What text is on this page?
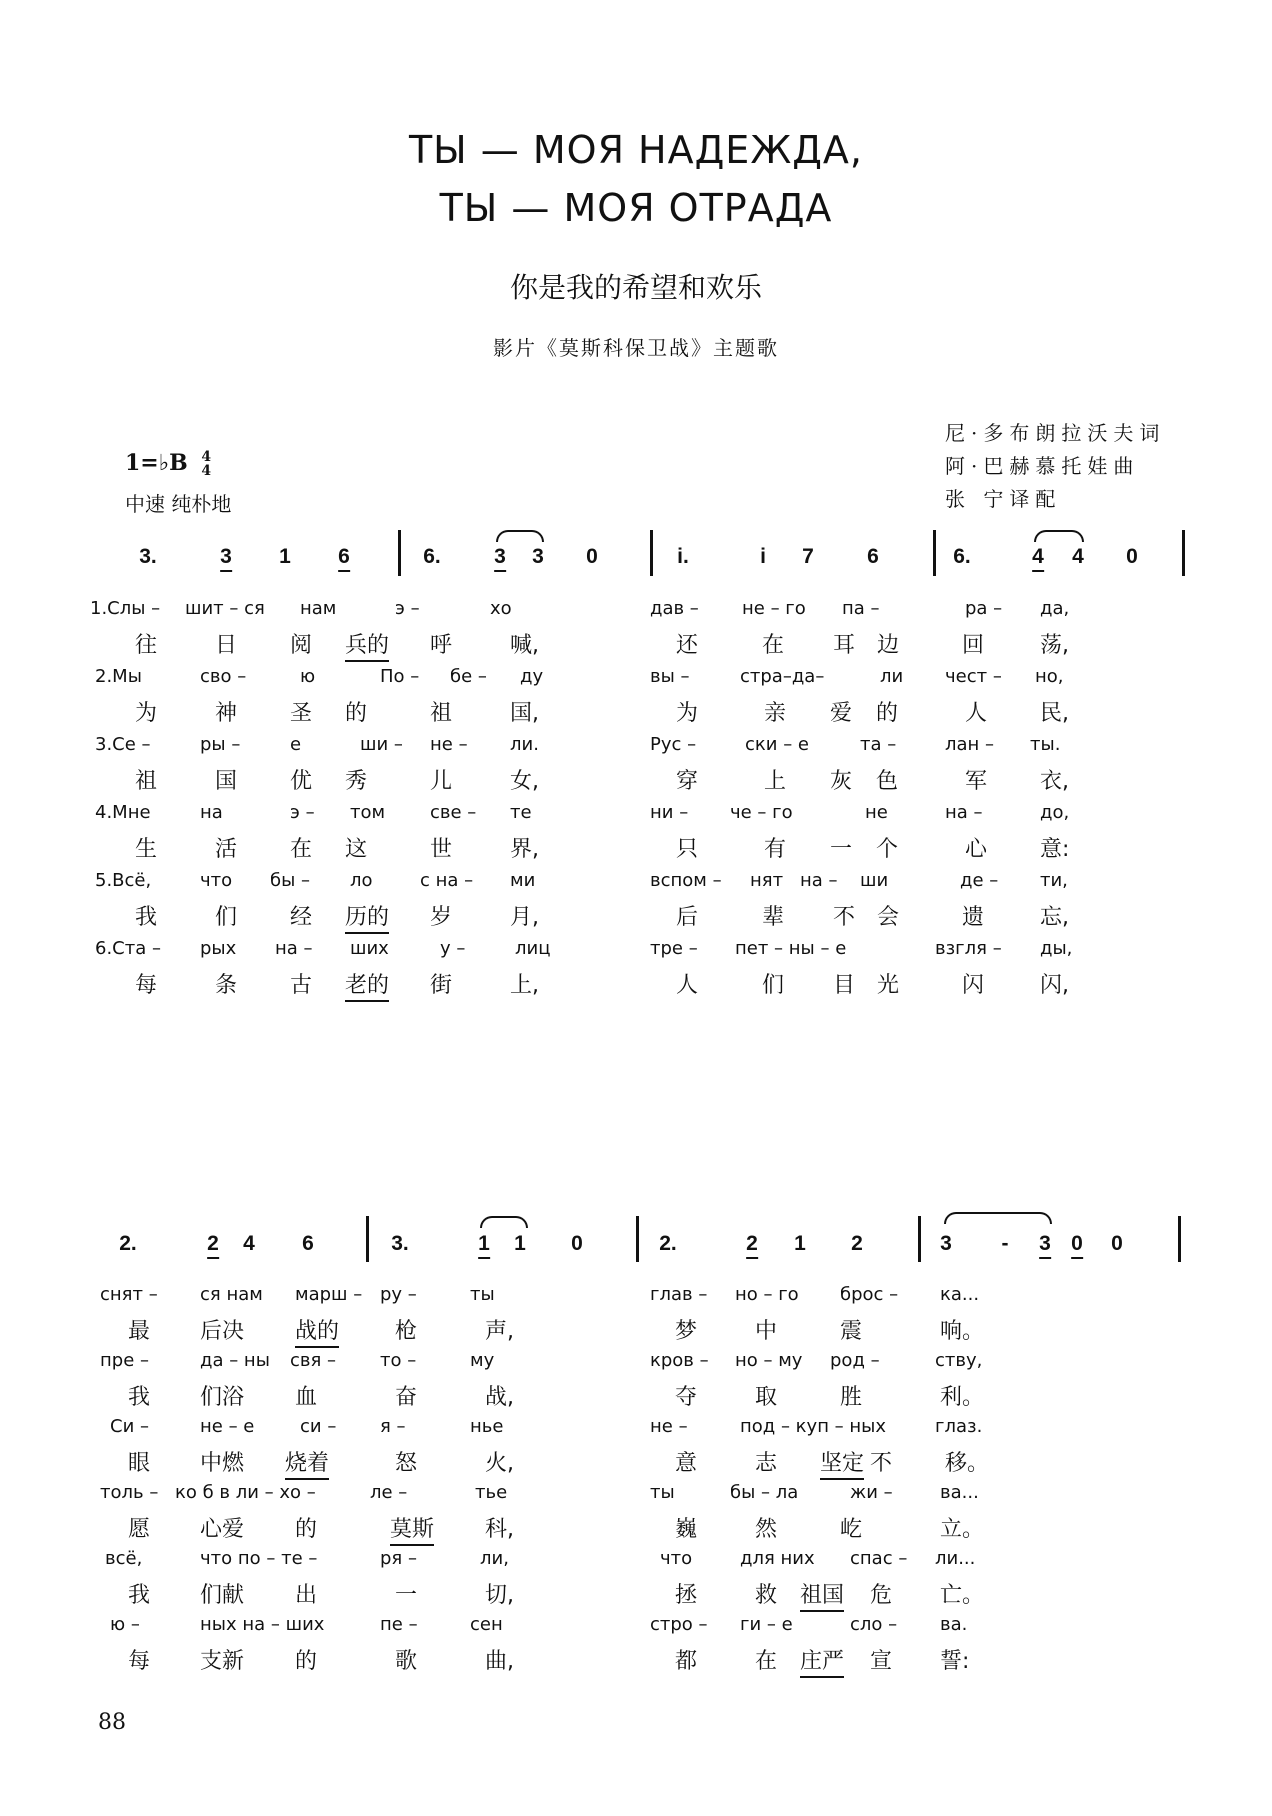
ТЫ — МОЯ НАДЕЖДА,
ТЫ — МОЯ ОТРАДА
你是我的希望和欢乐
影片《莫斯科保卫战》主题歌
尼·多布朗拉沃夫词
阿·巴赫慕托娃曲
张 宁译配
1=♭B 4
4
中速 纯朴地
3.	3 1 6	6.	3 3 0	i.	i 7	6	6.	4 4 0
1.Слы – шит – ся нам	э –	хо	дав – не – го па –	ра – да,
往	日 阅 兵的 呼	喊,	还	在 耳 边	回	荡,
2.Мы	сво –	ю	По – бе – ду	вы –	стра–да–	ли чест – но,
为	神 圣 的	祖	国,	为	亲 爱 的	人 民,
3.Се –	ры –	е	ши – не – ли.	Рус –	ски – е	та –	лан – ты.
祖	国 优 秀	儿	女,	穿	上 灰 色	军 衣,
4.Мне	на	э – том све – те	ни – че – го	не	на –	до,
生	活 在 这	世	界,	只	有 一 个	心 意:
5.Всё,	что бы – ло	с на – ми	вспом – нят на – ши	де – ти,
我	们 经 历的 岁	月,	后	辈 不 会	遗	忘,
6.Ста – рых на – ших	у –	лиц	тре – пет – ны – е	взгля – ды,
每	条 古 老的 街	上,	人	们 目 光	闪	闪,
2.	2 4 6	3.	1 1 0	2.	2 1 2	3 - 3 0 0
снят – ся нам марш – ру –	ты	глав – но – го брос – ка...
最 后决 战的	枪	声,	梦	中	震	响。
пре –	да – ны свя – то –	му	кров – но – му род –	ству,
我 们浴 血	奋	战,	夺	取	胜	利。
Си –	не – е	си – я –	нье	не –	под – куп – ных	глаз.
眼 中燃 烧着	怒	火,	意	志 坚定 不 移。
толь – ко б в ли – хо –	ле –	тье	ты	бы – ла	жи –	ва...
愿 心爱 的	莫斯 科,	巍	然	屹	立。
всё,	что по – те –	ря –	ли,	что	для них спас – ли...
我 们献 出	一	切,	拯	救 祖国 危 亡。
ю –	ных на – ших	пе –	сен	стро – ги – е	сло – ва.
每 支新 的	歌	曲,	都	在 庄严 宣 誓:
88
